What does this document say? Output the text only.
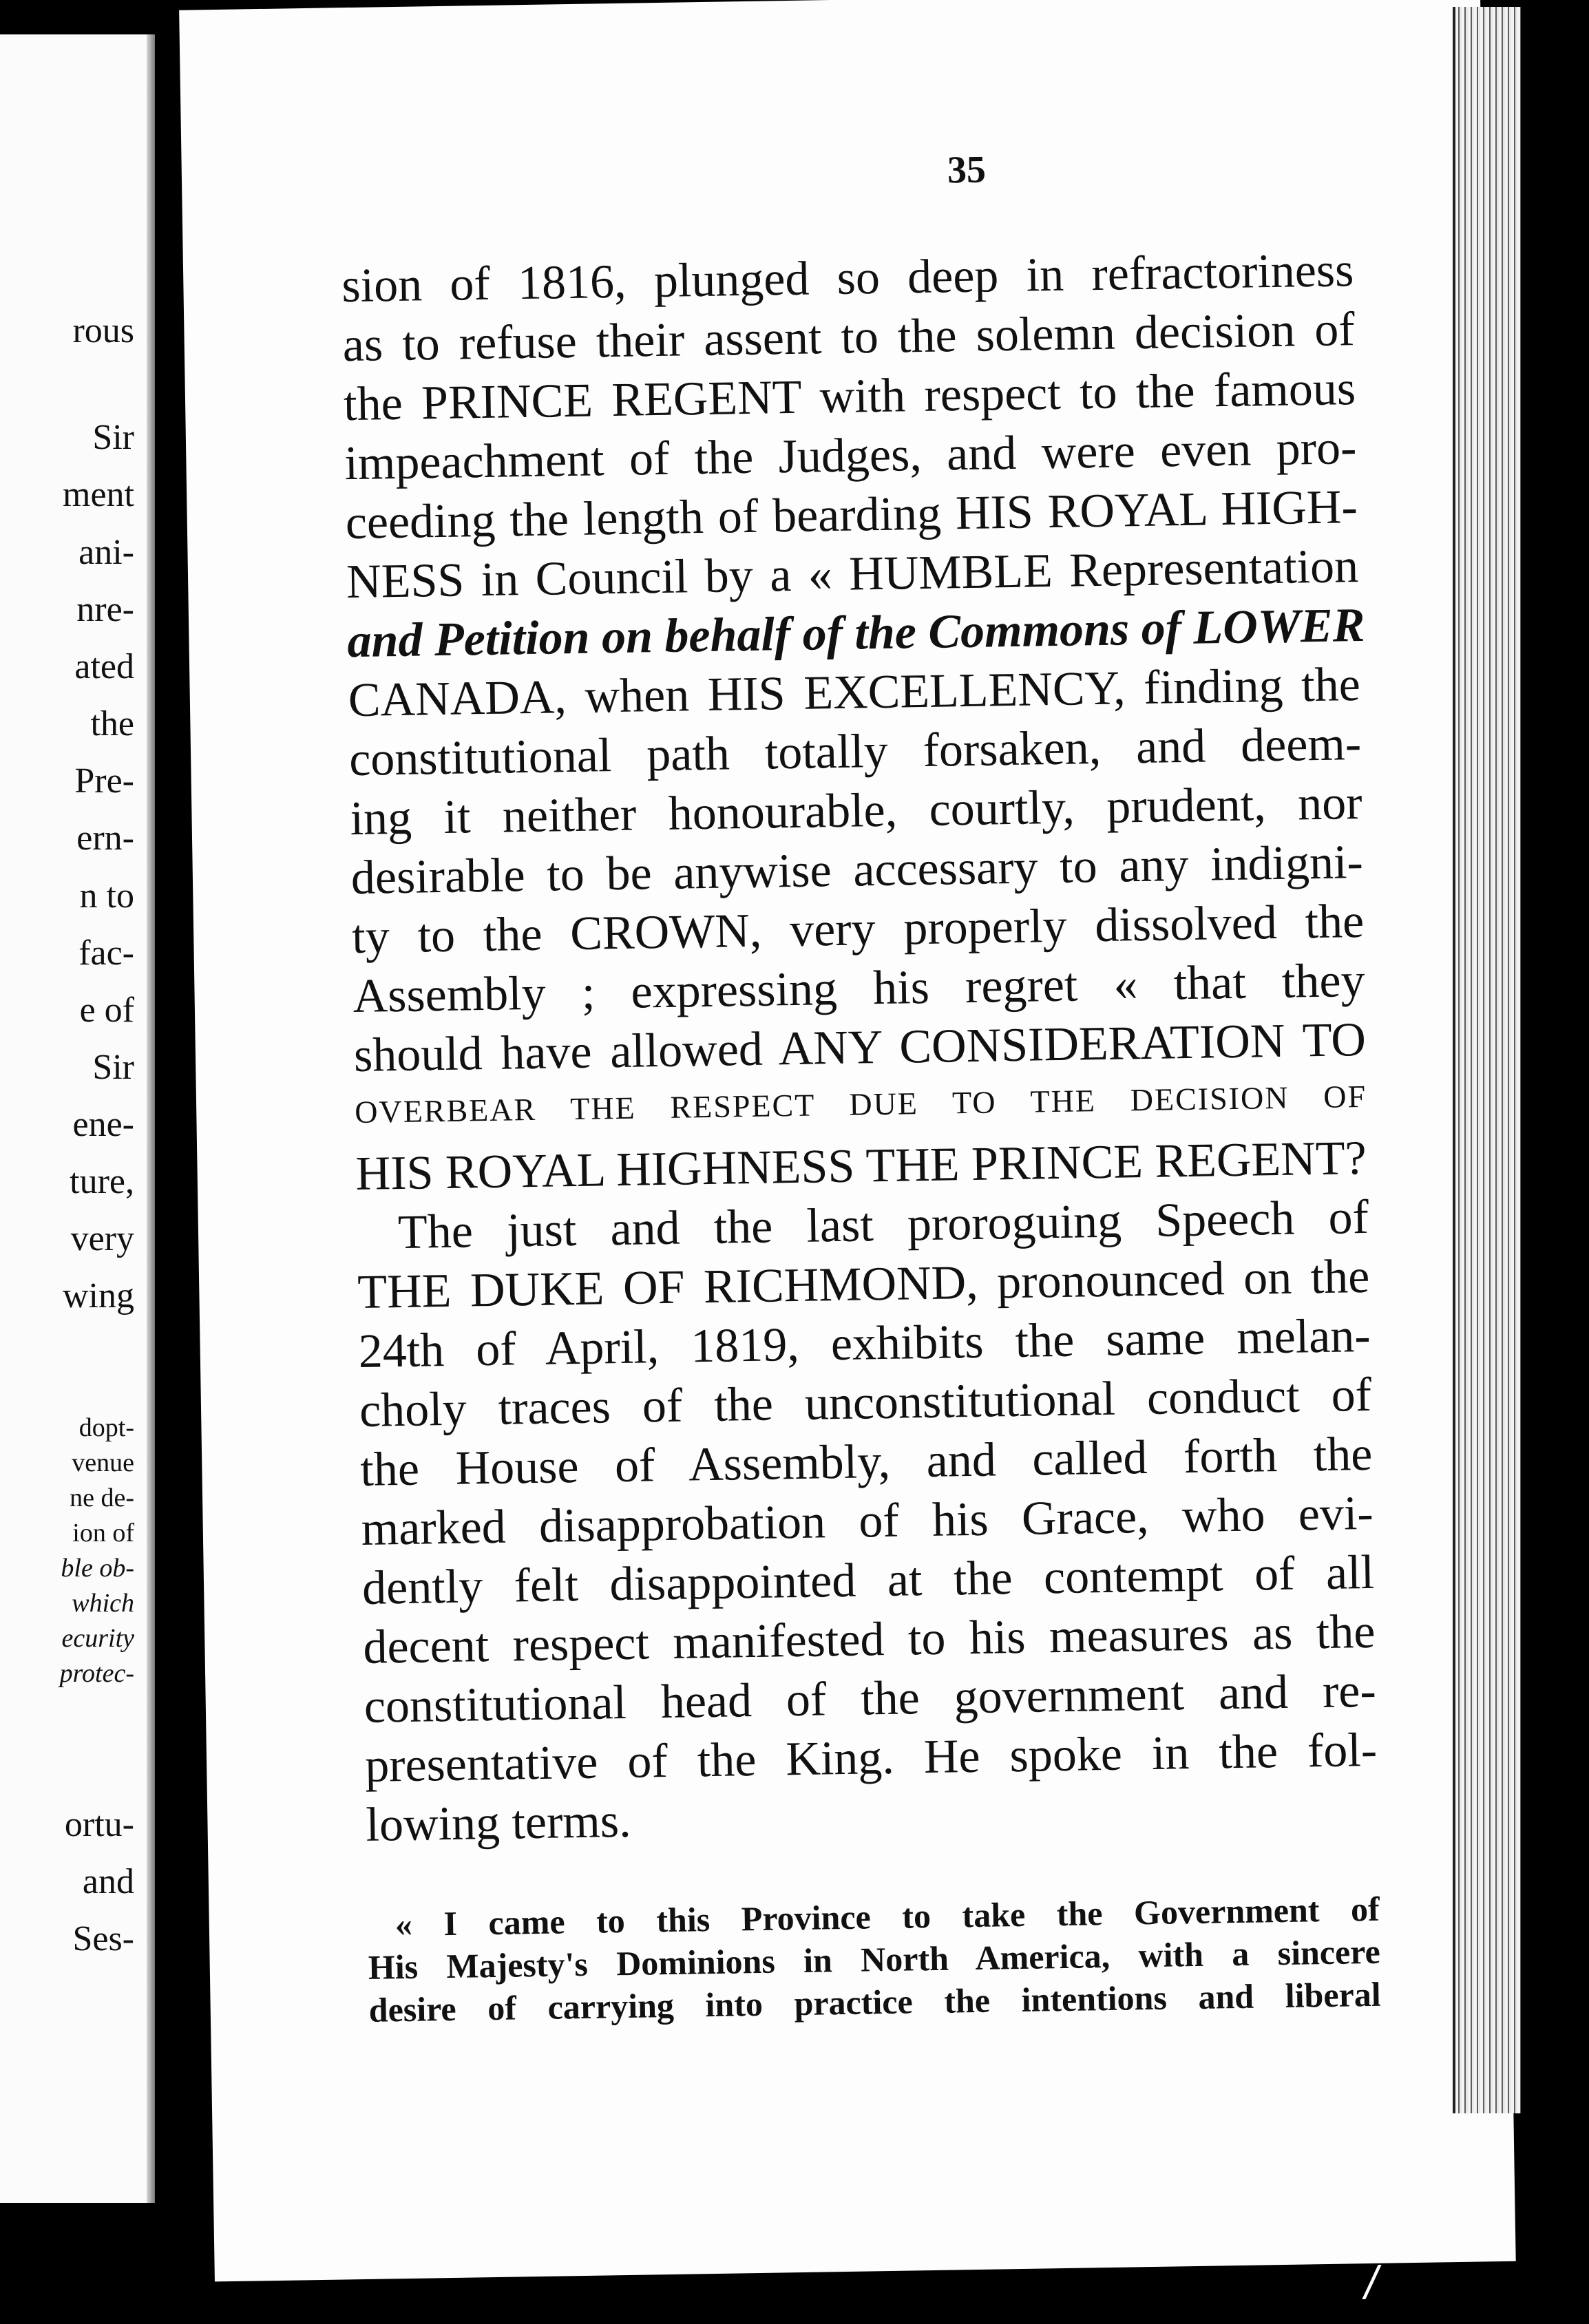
rous
Sir
ment
ani-
nre-
ated
the
Pre-
ern-
n to
fac-
e of
Sir
ene-
ture,
very
wing
dopt-
venue
ne de-
ion of
ble ob-
which
ecurity
protec-
ortu-
and
Ses-
35
sion of 1816, plunged so deep in refractoriness
as to refuse their assent to the solemn decision of
the PRINCE REGENT with respect to the famous
impeachment of the Judges, and were even pro-
ceeding the length of bearding HIS ROYAL HIGH-
NESS in Council by a « HUMBLE Representation
and Petition on behalf of the Commons of LOWER
CANADA, when HIS EXCELLENCY, finding the
constitutional path totally forsaken, and deem-
ing it neither honourable, courtly, prudent, nor
desirable to be anywise accessary to any indigni-
ty to the CROWN, very properly dissolved the
Assembly ; expressing his regret « that they
should have allowed ANY CONSIDERATION TO
OVERBEAR THE RESPECT DUE TO THE DECISION OF
HIS ROYAL HIGHNESS THE PRINCE REGENT?
The just and the last proroguing Speech of
THE DUKE OF RICHMOND, pronounced on the
24th of April, 1819, exhibits the same melan-
choly traces of the unconstitutional conduct of
the House of Assembly, and called forth the
marked disapprobation of his Grace, who evi-
dently felt disappointed at the contempt of all
decent respect manifested to his measures as the
constitutional head of the government and re-
presentative of the King. He spoke in the fol-
lowing terms.
« I came to this Province to take the Government of
His Majesty's Dominions in North America, with a sincere
desire of carrying into practice the intentions and liberal
